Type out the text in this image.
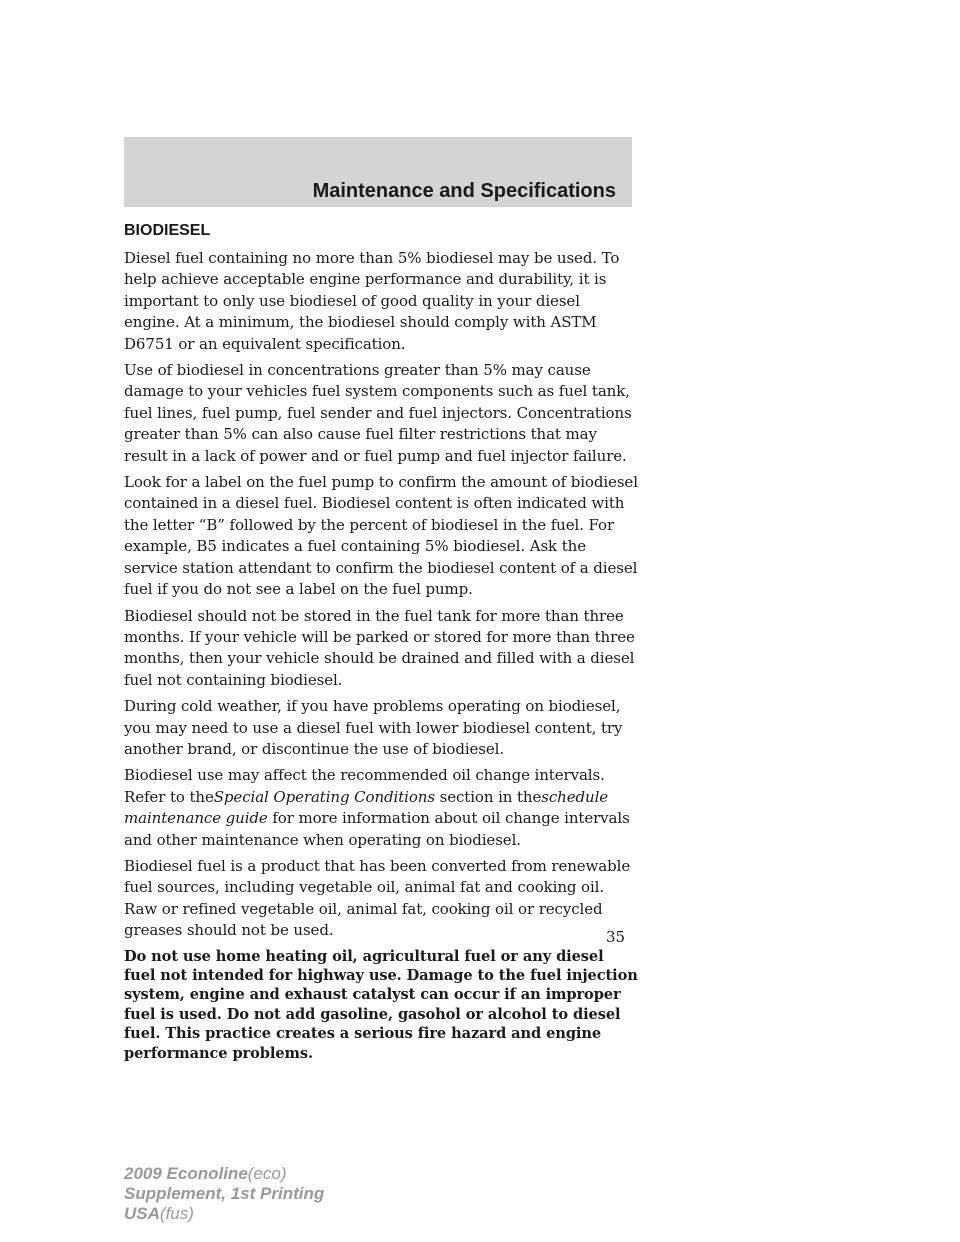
Maintenance and Specifications
BIODIESEL

Diesel fuel containing no more than 5% biodiesel may be used. To help achieve acceptable engine performance and durability, it is important to only use biodiesel of good quality in your diesel engine. At a minimum, the biodiesel should comply with ASTM D6751 or an equivalent specification.

Use of biodiesel in concentrations greater than 5% may cause damage to your vehicles fuel system components such as fuel tank, fuel lines, fuel pump, fuel sender and fuel injectors. Concentrations greater than 5% can also cause fuel filter restrictions that may result in a lack of power and or fuel pump and fuel injector failure.

Look for a label on the fuel pump to confirm the amount of biodiesel contained in a diesel fuel. Biodiesel content is often indicated with the letter “B” followed by the percent of biodiesel in the fuel. For example, B5 indicates a fuel containing 5% biodiesel. Ask the service station attendant to confirm the biodiesel content of a diesel fuel if you do not see a label on the fuel pump.

Biodiesel should not be stored in the fuel tank for more than three months. If your vehicle will be parked or stored for more than three months, then your vehicle should be drained and filled with a diesel fuel not containing biodiesel.

During cold weather, if you have problems operating on biodiesel, you may need to use a diesel fuel with lower biodiesel content, try another brand, or discontinue the use of biodiesel.

Biodiesel use may affect the recommended oil change intervals. Refer to theSpecial Operating Conditions section in theschedule maintenance guide for more information about oil change intervals and other maintenance when operating on biodiesel.

Biodiesel fuel is a product that has been converted from renewable fuel sources, including vegetable oil, animal fat and cooking oil. Raw or refined vegetable oil, animal fat, cooking oil or recycled greases should not be used.

Do not use home heating oil, agricultural fuel or any diesel fuel not intended for highway use. Damage to the fuel injection system, engine and exhaust catalyst can occur if an improper fuel is used. Do not add gasoline, gasohol or alcohol to diesel fuel. This practice creates a serious fire hazard and engine performance problems.

35
2009 Econoline(eco)
Supplement, 1st Printing
USA(fus)
